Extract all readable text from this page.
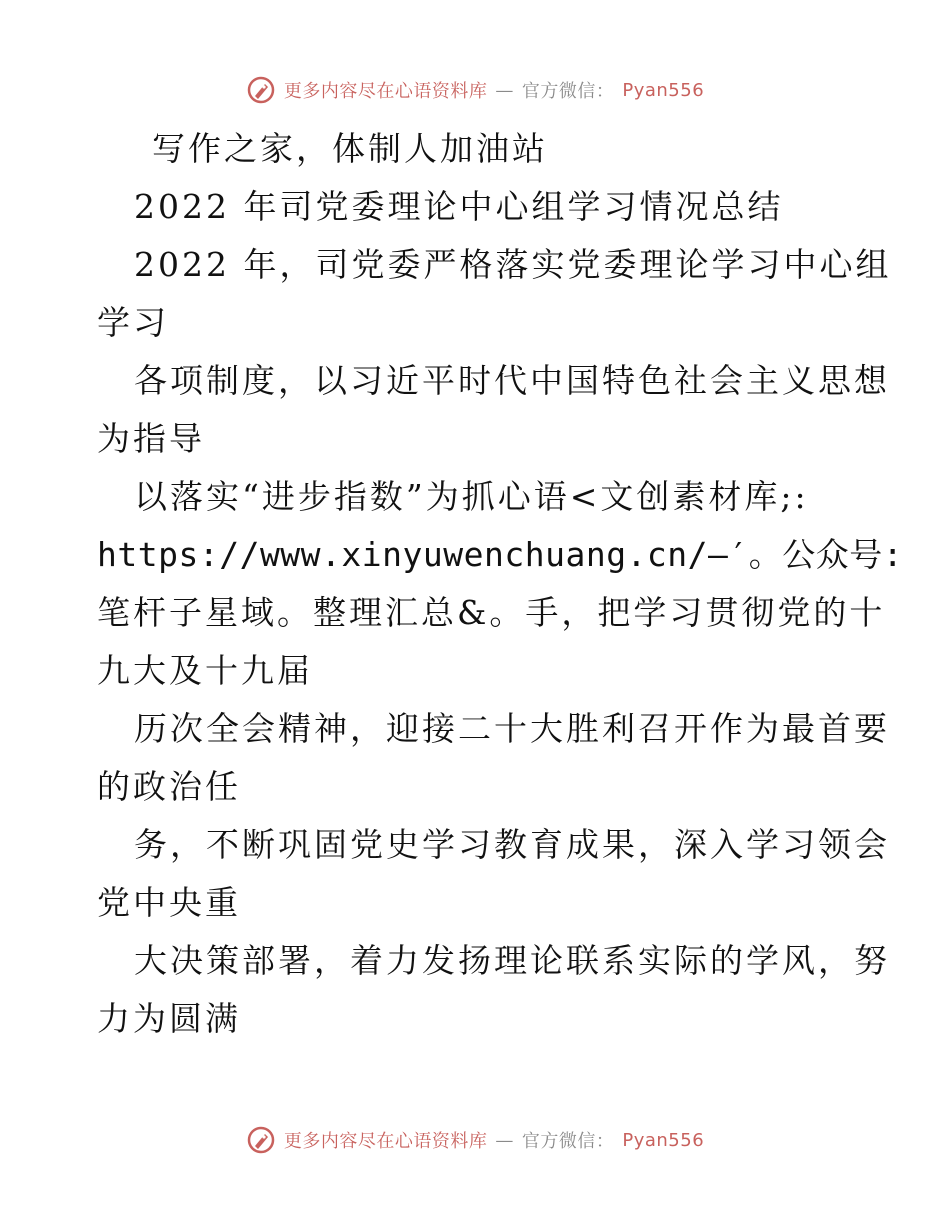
更多内容尽在心语资料库 — 官方微信： Pyan556
写作之家，体制人加油站
2022 年司党委理论中心组学习情况总结
2022 年，司党委严格落实党委理论学习中心组
学习
各项制度，以习近平时代中国特色社会主义思想
为指导
以落实“进步指数”为抓心语<文创素材库;:
https://www.xinyuwenchuang.cn/—′。公众号:
笔杆子星域。整理汇总&。手，把学习贯彻党的十
九大及十九届
历次全会精神，迎接二十大胜利召开作为最首要
的政治任
务，不断巩固党史学习教育成果，深入学习领会
党中央重
大决策部署，着力发扬理论联系实际的学风，努
力为圆满
更多内容尽在心语资料库 — 官方微信： Pyan556
